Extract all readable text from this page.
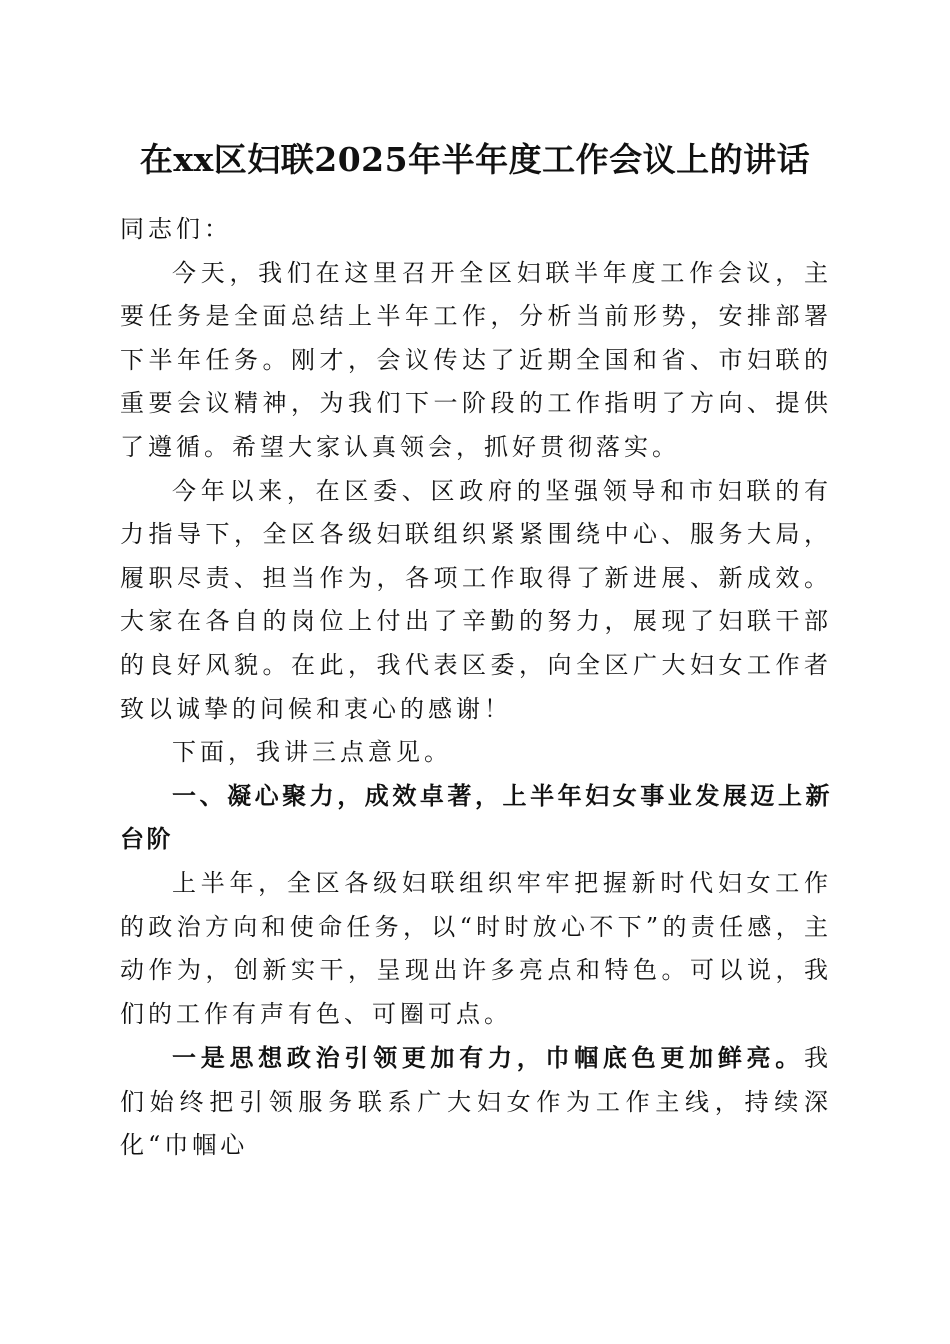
在xx区妇联2025年半年度工作会议上的讲话

同志们：

今天，我们在这里召开全区妇联半年度工作会议，主要任务是全面总结上半年工作，分析当前形势，安排部署下半年任务。刚才，会议传达了近期全国和省、市妇联的重要会议精神，为我们下一阶段的工作指明了方向、提供了遵循。希望大家认真领会，抓好贯彻落实。

今年以来，在区委、区政府的坚强领导和市妇联的有力指导下，全区各级妇联组织紧紧围绕中心、服务大局，履职尽责、担当作为，各项工作取得了新进展、新成效。大家在各自的岗位上付出了辛勤的努力，展现了妇联干部的良好风貌。在此，我代表区委，向全区广大妇女工作者致以诚挚的问候和衷心的感谢！

下面，我讲三点意见。

一、凝心聚力，成效卓著，上半年妇女事业发展迈上新台阶

上半年，全区各级妇联组织牢牢把握新时代妇女工作的政治方向和使命任务，以“时时放心不下”的责任感，主动作为，创新实干，呈现出许多亮点和特色。可以说，我们的工作有声有色、可圈可点。

一是思想政治引领更加有力，巾帼底色更加鲜亮。我们始终把引领服务联系广大妇女作为工作主线，持续深化“巾帼心
